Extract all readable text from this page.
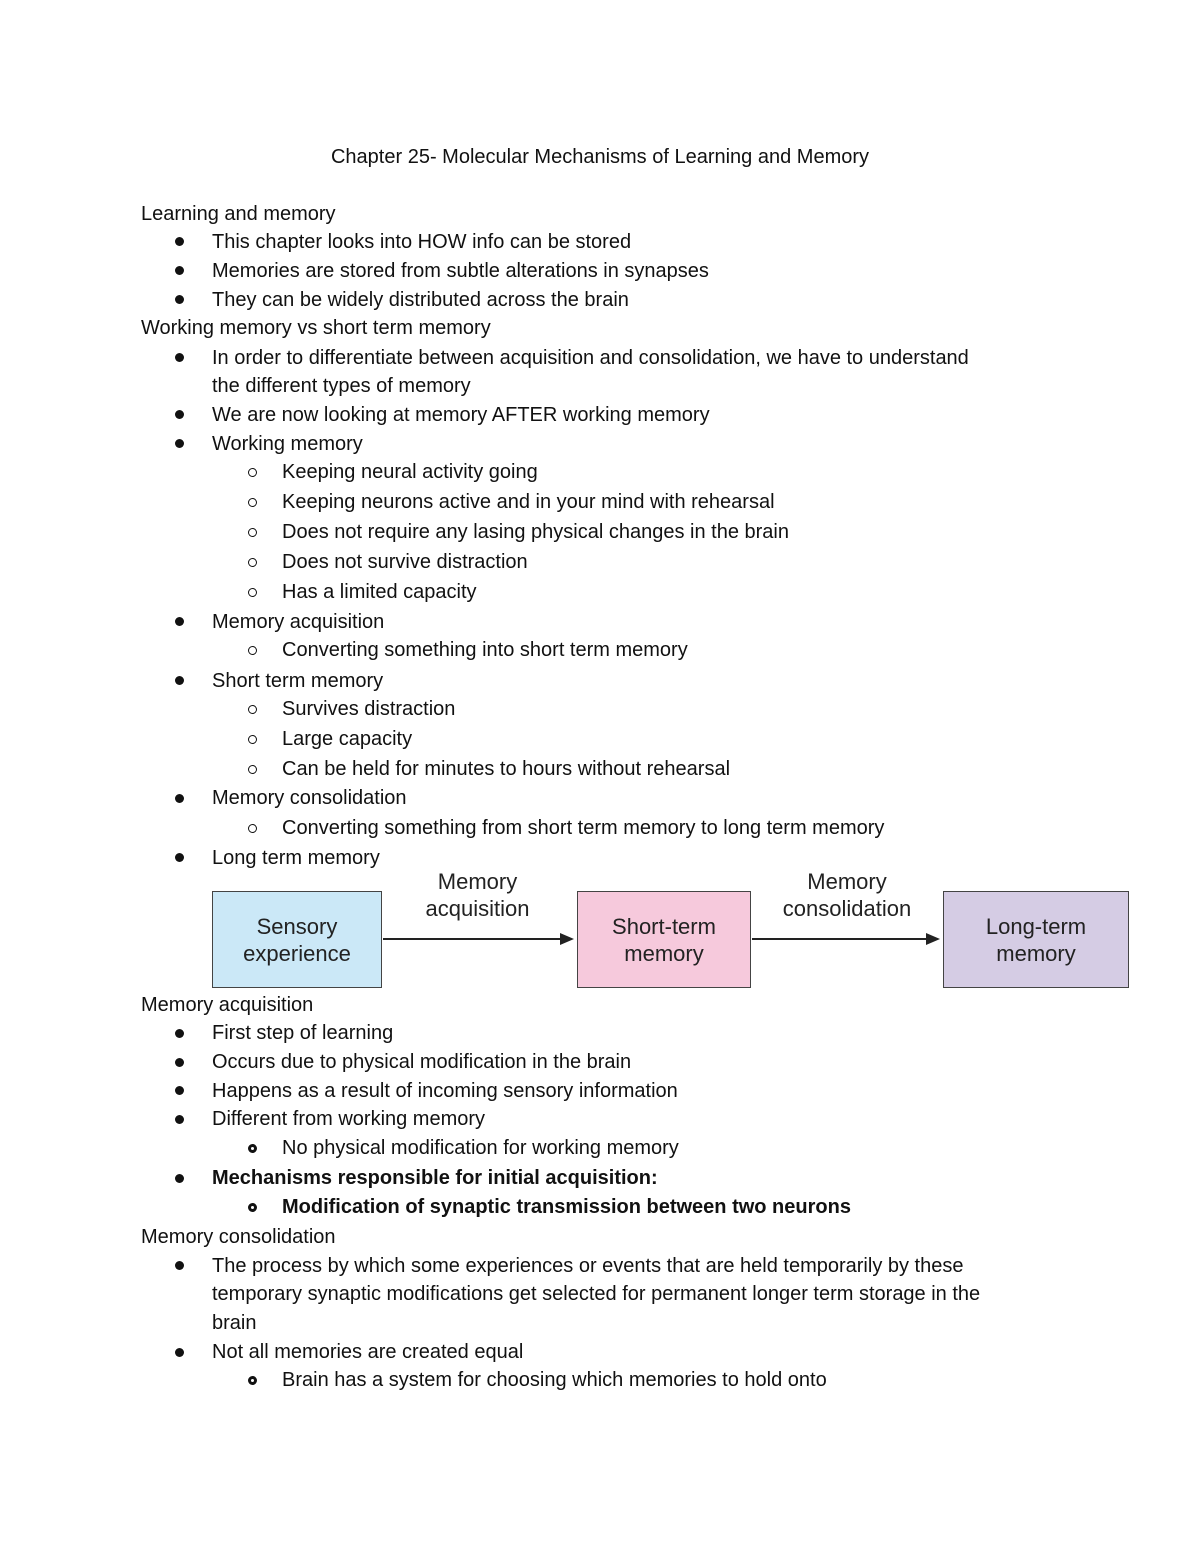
Chapter 25- Molecular Mechanisms of Learning and Memory
Learning and memory
This chapter looks into HOW info can be stored
Memories are stored from subtle alterations in synapses
They can be widely distributed across the brain
Working memory vs short term memory
In order to differentiate between acquisition and consolidation, we have to understand
the different types of memory
We are now looking at memory AFTER working memory
Working memory
Keeping neural activity going
Keeping neurons active and in your mind with rehearsal
Does not require any lasing physical changes in the brain
Does not survive distraction
Has a limited capacity
Memory acquisition
Converting something into short term memory
Short term memory
Survives distraction
Large capacity
Can be held for minutes to hours without rehearsal
Memory consolidation
Converting something from short term memory to long term memory
Long term memory
Memory
acquisition
Memory
consolidation
Sensory
experience
Short-term
memory
Long-term
memory
Memory acquisition
First step of learning
Occurs due to physical modification in the brain
Happens as a result of incoming sensory information
Different from working memory
No physical modification for working memory
Mechanisms responsible for initial acquisition:
Modification of synaptic transmission between two neurons
Memory consolidation
The process by which some experiences or events that are held temporarily by these
temporary synaptic modifications get selected for permanent longer term storage in the
brain
Not all memories are created equal
Brain has a system for choosing which memories to hold onto
